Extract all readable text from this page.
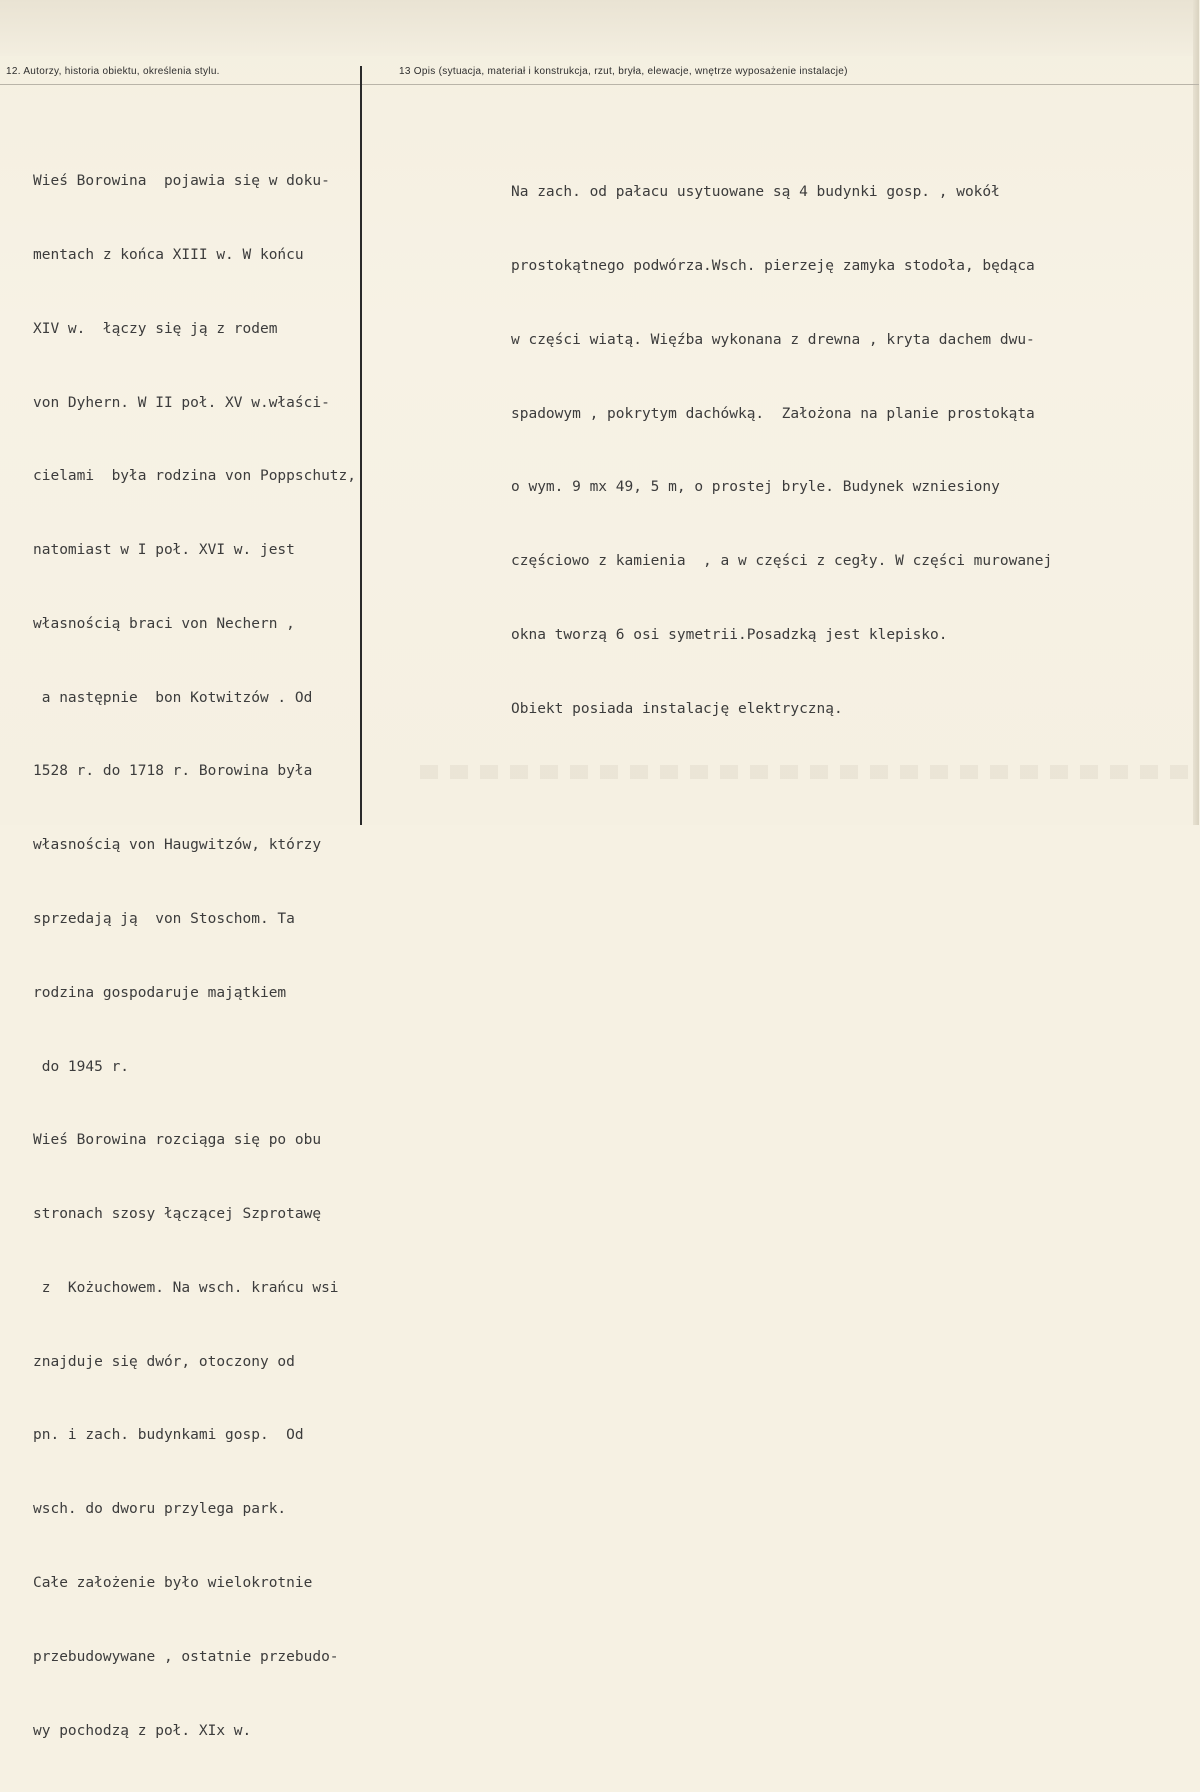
12. Autorzy, historia obiektu, określenia stylu.	13 Opis (sytuacja, materiał i konstrukcja, rzut, bryła, elewacje, wnętrze wyposażenie instalacje)

Wieś Borowina  pojawia się w doku-

mentach z końca XIII w. W końcu

XIV w.  łączy się ją z rodem

von Dyhern. W II poł. XV w.właści-

cielami  była rodzina von Poppschutz,

natomiast w I poł. XVI w. jest

własnością braci von Nechern ,

a następnie  bon Kotwitzów . Od

1528 r. do 1718 r. Borowina była

własnością von Haugwitzów, którzy

sprzedają ją  von Stoschom. Ta

rodzina gospodaruje majątkiem

do 1945 r.

Wieś Borowina rozciąga się po obu

stronach szosy łączącej Szprotawę

z  Kożuchowem. Na wsch. krańcu wsi

znajduje się dwór, otoczony od

pn. i zach. budynkami gosp.  Od

wsch. do dworu przylega park.

Całe założenie było wielokrotnie

przebudowywane , ostatnie przebudo-

wy pochodzą z poł. XIx w.

Na zach. od pałacu usytuowane są 4 budynki gosp. , wokół

prostokątnego podwórza.Wsch. pierzeję zamyka stodoła, będąca

w części wiatą. Więźba wykonana z drewna , kryta dachem dwu-

spadowym , pokrytym dachówką.  Założona na planie prostokąta

o wym. 9 mx 49, 5 m, o prostej bryle. Budynek wzniesiony

częściowo z kamienia  , a w części z cegły. W części murowanej

okna tworzą 6 osi symetrii.Posadzką jest klepisko.

Obiekt posiada instalację elektryczną.
